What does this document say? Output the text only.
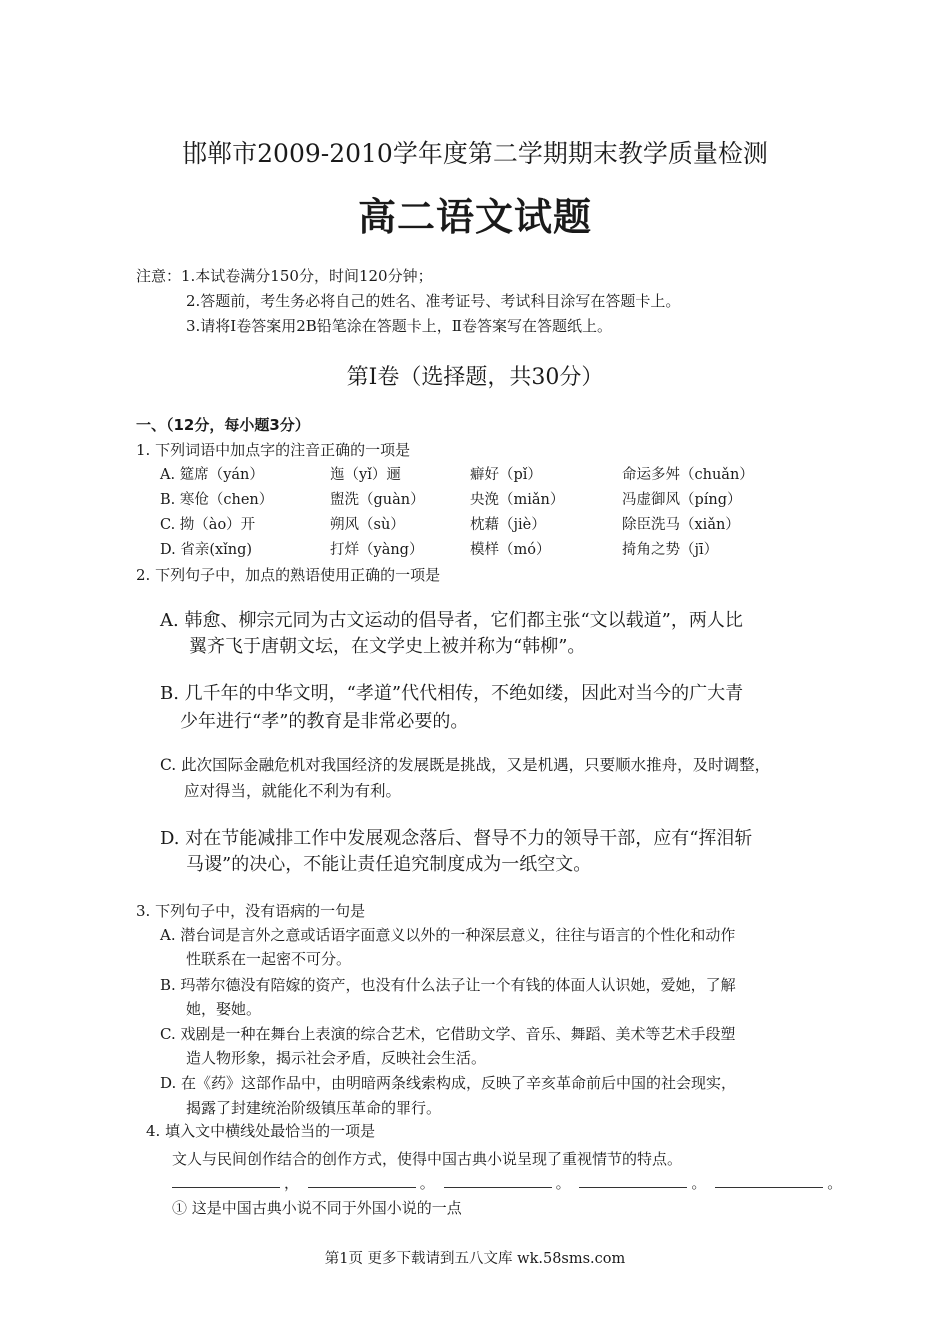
邯郸市2009-2010学年度第二学期期末教学质量检测
高二语文试题
注意：1.本试卷满分150分，时间120分钟；
2.答题前，考生务必将自己的姓名、准考证号、考试科目涂写在答题卡上。
3.请将Ⅰ卷答案用2B铅笔涂在答题卡上，Ⅱ卷答案写在答题纸上。
第Ⅰ卷（选择题，共30分）
一、（12分，每小题3分）
1. 下列词语中加点字的注音正确的一项是
A. 筵席（yán）	迤（yǐ）逦	癖好（pǐ）	命运多舛（chuǎn）
B. 寒伧（chen）	盥洗（guàn）	央浼（miǎn）	冯虚御风（píng）
C. 拗（ào）开	朔风（sù）	枕藉（jiè）	除臣洗马（xiǎn）
D. 省亲(xǐng)	打烊（yàng）	模样（mó）	掎角之势（jī）
2. 下列句子中，加点的熟语使用正确的一项是
A. 韩愈、柳宗元同为古文运动的倡导者，它们都主张“文以载道”，两人比
翼齐飞于唐朝文坛，在文学史上被并称为“韩柳”。
B. 几千年的中华文明，“孝道”代代相传，不绝如缕，因此对当今的广大青
少年进行“孝”的教育是非常必要的。
C. 此次国际金融危机对我国经济的发展既是挑战，又是机遇，只要顺水推舟，及时调整，
应对得当，就能化不利为有利。
D. 对在节能减排工作中发展观念落后、督导不力的领导干部，应有“挥泪斩
马谡”的决心，不能让责任追究制度成为一纸空文。
3. 下列句子中，没有语病的一句是
A. 潜台词是言外之意或话语字面意义以外的一种深层意义，往往与语言的个性化和动作
性联系在一起密不可分。
B. 玛蒂尔德没有陪嫁的资产，也没有什么法子让一个有钱的体面人认识她，爱她，了解
她，娶她。
C. 戏剧是一种在舞台上表演的综合艺术，它借助文学、音乐、舞蹈、美术等艺术手段塑
造人物形象，揭示社会矛盾，反映社会生活。
D. 在《药》这部作品中，由明暗两条线索构成，反映了辛亥革命前后中国的社会现实，
揭露了封建统治阶级镇压革命的罪行。
4. 填入文中横线处最恰当的一项是
文人与民间创作结合的创作方式，使得中国古典小说呈现了重视情节的特点。
，	。	。	。	。
① 这是中国古典小说不同于外国小说的一点
第1页 更多下载请到五八文库 wk.58sms.com
